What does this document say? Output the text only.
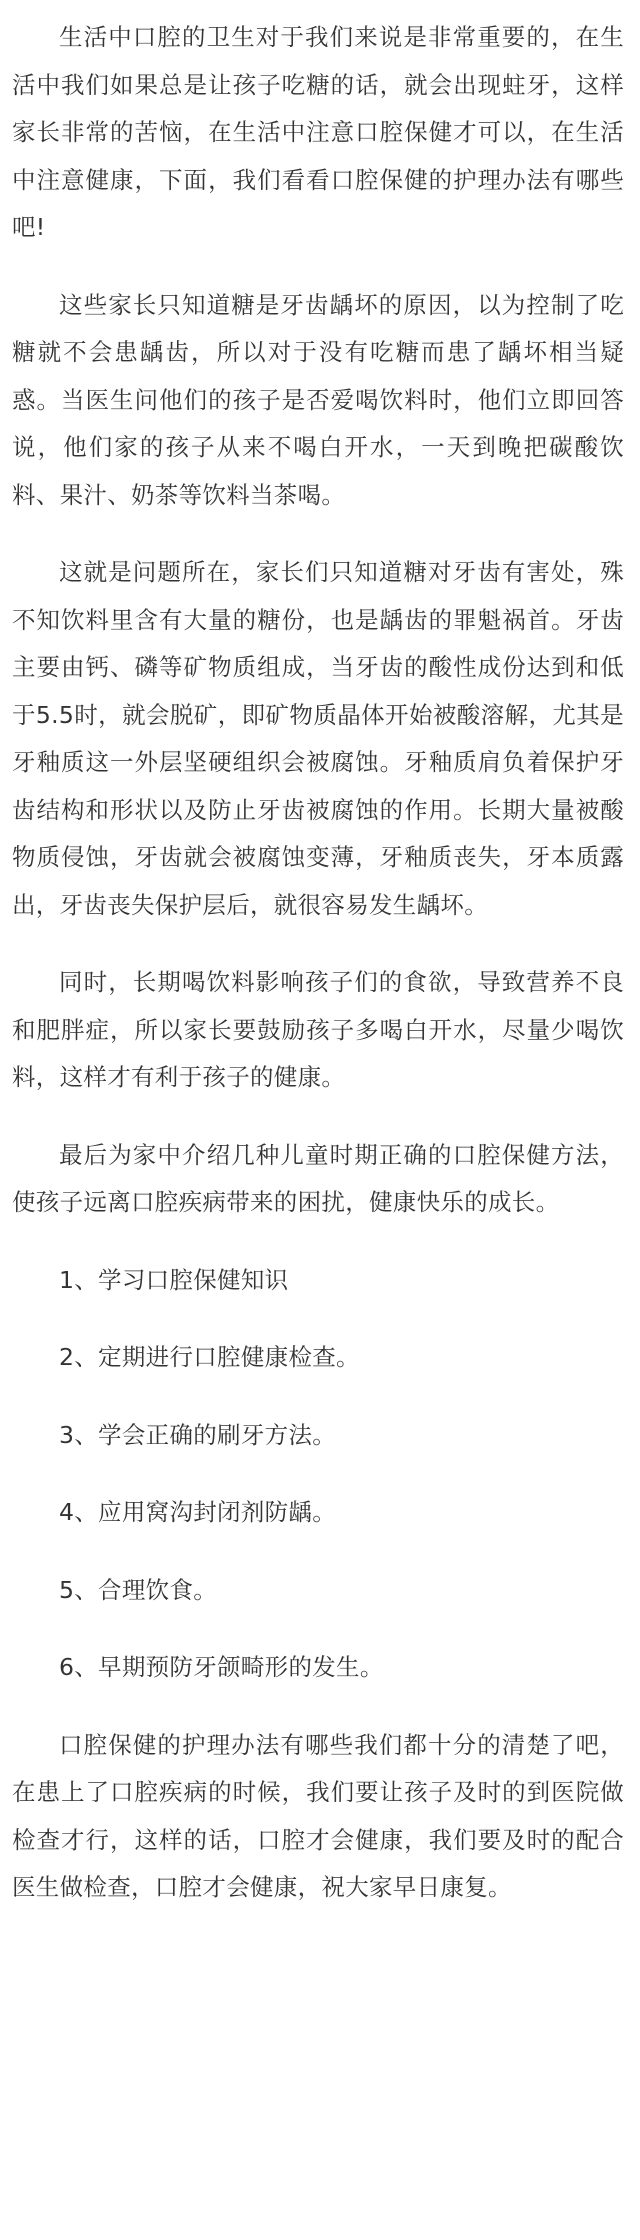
生活中口腔的卫生对于我们来说是非常重要的，在生活中我们如果总是让孩子吃糖的话，就会出现蛀牙，这样家长非常的苦恼，在生活中注意口腔保健才可以，在生活中注意健康，下面，我们看看口腔保健的护理办法有哪些吧!

这些家长只知道糖是牙齿龋坏的原因，以为控制了吃糖就不会患龋齿，所以对于没有吃糖而患了龋坏相当疑惑。当医生问他们的孩子是否爱喝饮料时，他们立即回答说，他们家的孩子从来不喝白开水，一天到晚把碳酸饮料、果汁、奶茶等饮料当茶喝。

这就是问题所在，家长们只知道糖对牙齿有害处，殊不知饮料里含有大量的糖份，也是龋齿的罪魁祸首。牙齿主要由钙、磷等矿物质组成，当牙齿的酸性成份达到和低于5.5时，就会脱矿，即矿物质晶体开始被酸溶解，尤其是牙釉质这一外层坚硬组织会被腐蚀。牙釉质肩负着保护牙齿结构和形状以及防止牙齿被腐蚀的作用。长期大量被酸物质侵蚀，牙齿就会被腐蚀变薄，牙釉质丧失，牙本质露出，牙齿丧失保护层后，就很容易发生龋坏。

同时，长期喝饮料影响孩子们的食欲，导致营养不良和肥胖症，所以家长要鼓励孩子多喝白开水，尽量少喝饮料，这样才有利于孩子的健康。

最后为家中介绍几种儿童时期正确的口腔保健方法，使孩子远离口腔疾病带来的困扰，健康快乐的成长。

1、学习口腔保健知识

2、定期进行口腔健康检查。

3、学会正确的刷牙方法。

4、应用窝沟封闭剂防龋。

5、合理饮食。

6、早期预防牙颌畸形的发生。

口腔保健的护理办法有哪些我们都十分的清楚了吧，在患上了口腔疾病的时候，我们要让孩子及时的到医院做检查才行，这样的话，口腔才会健康，我们要及时的配合医生做检查，口腔才会健康，祝大家早日康复。
